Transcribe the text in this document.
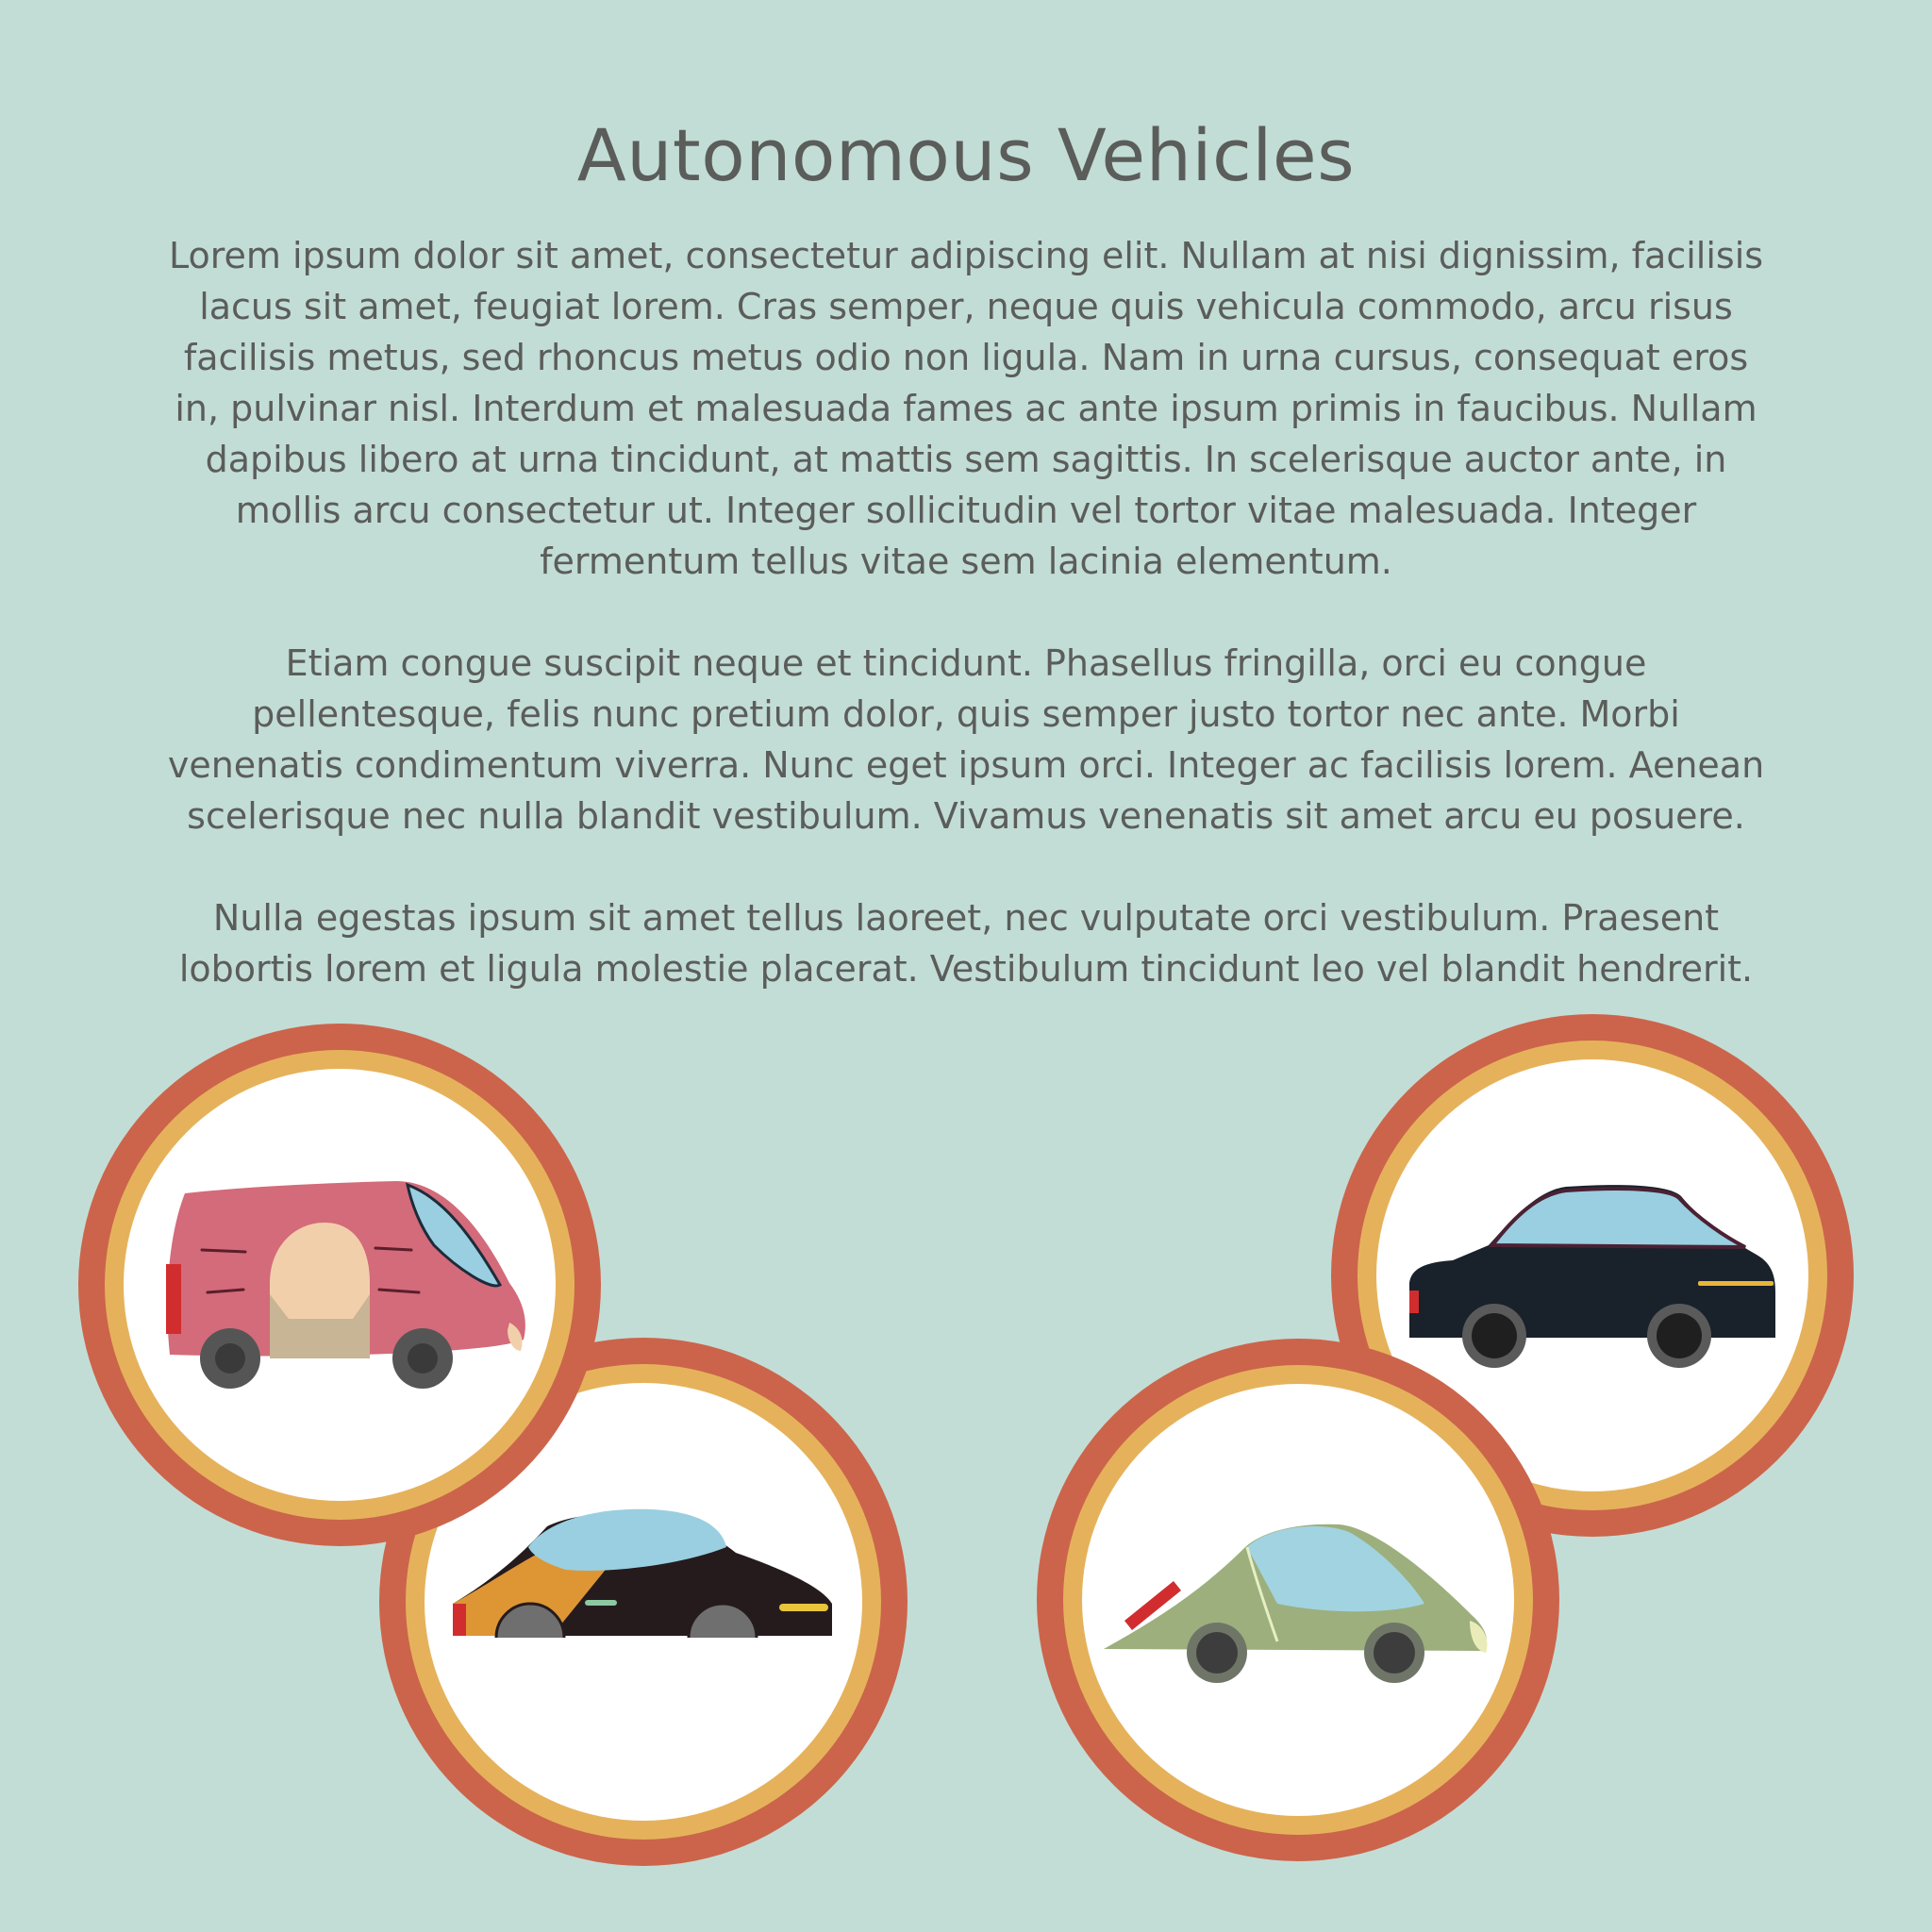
Autonomous Vehicles

Lorem ipsum dolor sit amet, consectetur adipiscing elit. Nullam at nisi dignissim, facilisis lacus sit amet, feugiat lorem. Cras semper, neque quis vehicula commodo, arcu risus facilisis metus, sed rhoncus metus odio non ligula. Nam in urna cursus, consequat eros in, pulvinar nisl. Interdum et malesuada fames ac ante ipsum primis in faucibus. Nullam dapibus libero at urna tincidunt, at mattis sem sagittis. In scelerisque auctor ante, in mollis arcu consectetur ut. Integer sollicitudin vel tortor vitae malesuada. Integer fermentum tellus vitae sem lacinia elementum.

Etiam congue suscipit neque et tincidunt. Phasellus fringilla, orci eu congue pellentesque, felis nunc pretium dolor, quis semper justo tortor nec ante. Morbi venenatis condimentum viverra. Nunc eget ipsum orci. Integer ac facilisis lorem. Aenean scelerisque nec nulla blandit vestibulum. Vivamus venenatis sit amet arcu eu posuere.

Nulla egestas ipsum sit amet tellus laoreet, nec vulputate orci vestibulum. Praesent lobortis lorem et ligula molestie placerat. Vestibulum tincidunt leo vel blandit hendrerit.
